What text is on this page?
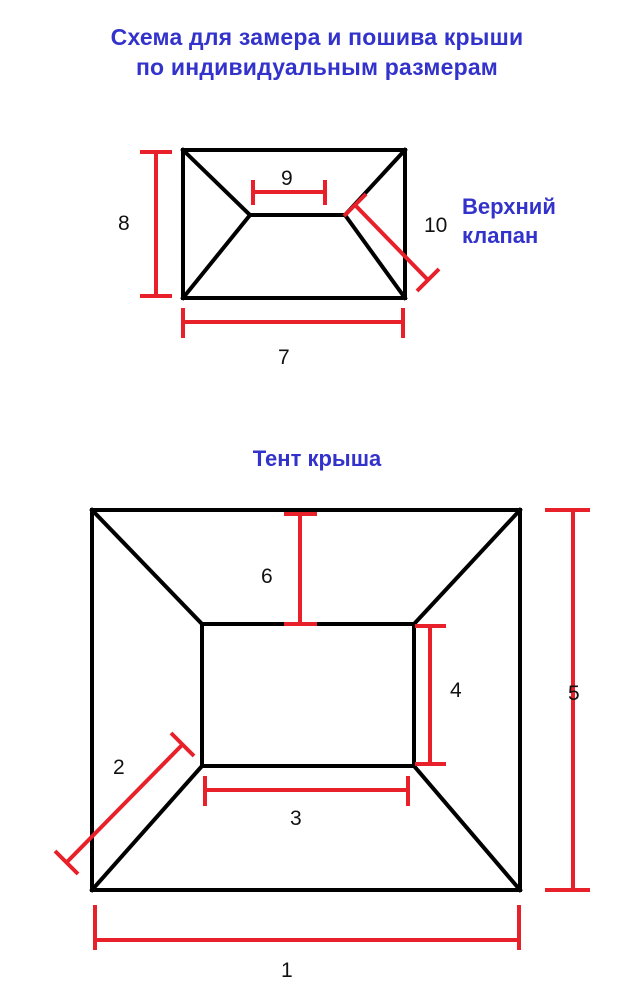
Схема для замера и пошива крыши
по индивидуальным размерам
Верхний
клапан
Тент крыша
9
8
7
10
6
4
3
5
2
1
